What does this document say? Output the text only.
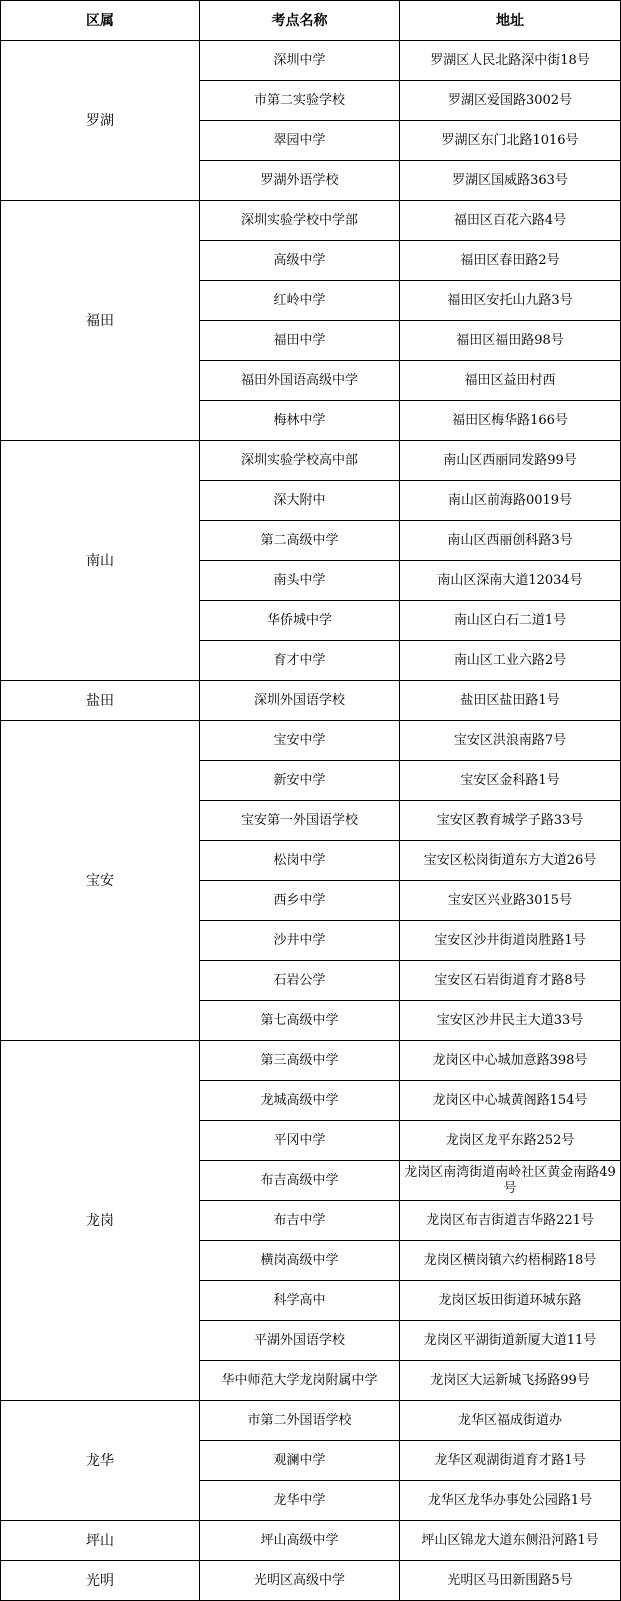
区属	考点名称	地址
罗湖	深圳中学	罗湖区人民北路深中街18号
	市第二实验学校	罗湖区爱国路3002号
	翠园中学	罗湖区东门北路1016号
	罗湖外语学校	罗湖区国威路363号
福田	深圳实验学校中学部	福田区百花六路4号
	高级中学	福田区春田路2号
	红岭中学	福田区安托山九路3号
	福田中学	福田区福田路98号
	福田外国语高级中学	福田区益田村西
	梅林中学	福田区梅华路166号
南山	深圳实验学校高中部	南山区西丽同发路99号
	深大附中	南山区前海路0019号
	第二高级中学	南山区西丽创科路3号
	南头中学	南山区深南大道12034号
	华侨城中学	南山区白石二道1号
	育才中学	南山区工业六路2号
盐田	深圳外国语学校	盐田区盐田路1号
宝安	宝安中学	宝安区洪浪南路7号
	新安中学	宝安区金科路1号
	宝安第一外国语学校	宝安区教育城学子路33号
	松岗中学	宝安区松岗街道东方大道26号
	西乡中学	宝安区兴业路3015号
	沙井中学	宝安区沙井街道岗胜路1号
	石岩公学	宝安区石岩街道育才路8号
	第七高级中学	宝安区沙井民主大道33号
龙岗	第三高级中学	龙岗区中心城加意路398号
	龙城高级中学	龙岗区中心城黄阁路154号
	平冈中学	龙岗区龙平东路252号
	布吉高级中学	龙岗区南湾街道南岭社区黄金南路49号
	布吉中学	龙岗区布吉街道吉华路221号
	横岗高级中学	龙岗区横岗镇六约梧桐路18号
	科学高中	龙岗区坂田街道环城东路
	平湖外国语学校	龙岗区平湖街道新厦大道11号
	华中师范大学龙岗附属中学	龙岗区大运新城飞扬路99号
龙华	市第二外国语学校	龙华区福成街道办
	观澜中学	龙华区观湖街道育才路1号
	龙华中学	龙华区龙华办事处公园路1号
坪山	坪山高级中学	坪山区锦龙大道东侧沿河路1号
光明	光明区高级中学	光明区马田新围路5号
